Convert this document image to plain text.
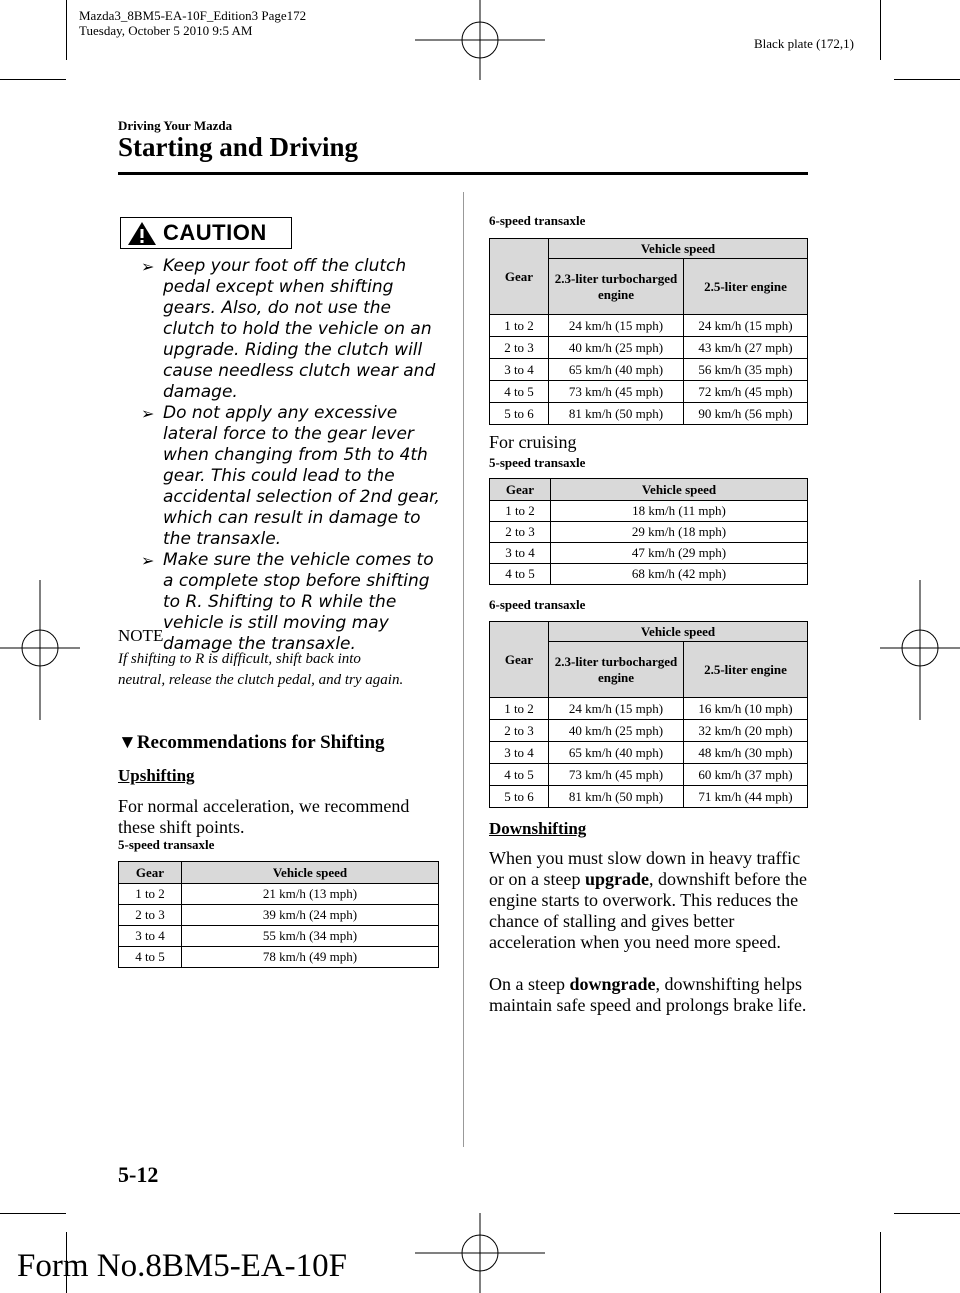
Mazda3_8BM5-EA-10F_Edition3 Page172
Tuesday, October 5 2010 9:5 AM
Black plate (172,1)
Driving Your Mazda
Starting and Driving
CAUTION
➢ Keep your foot off the clutch pedal except when shifting gears. Also, do not use the clutch to hold the vehicle on an upgrade. Riding the clutch will cause needless clutch wear and damage.
➢ Do not apply any excessive lateral force to the gear lever when changing from 5th to 4th gear. This could lead to the accidental selection of 2nd gear, which can result in damage to the transaxle.
➢ Make sure the vehicle comes to a complete stop before shifting to R. Shifting to R while the vehicle is still moving may damage the transaxle.
NOTE
If shifting to R is difficult, shift back into neutral, release the clutch pedal, and try again.
▼Recommendations for Shifting
Upshifting
For normal acceleration, we recommend these shift points.
5-speed transaxle
Gear	Vehicle speed
1 to 2	21 km/h (13 mph)
2 to 3	39 km/h (24 mph)
3 to 4	55 km/h (34 mph)
4 to 5	78 km/h (49 mph)
6-speed transaxle
Gear	Vehicle speed	
	2.3-liter turbocharged engine	2.5-liter engine
1 to 2	24 km/h (15 mph)	24 km/h (15 mph)
2 to 3	40 km/h (25 mph)	43 km/h (27 mph)
3 to 4	65 km/h (40 mph)	56 km/h (35 mph)
4 to 5	73 km/h (45 mph)	72 km/h (45 mph)
5 to 6	81 km/h (50 mph)	90 km/h (56 mph)
For cruising
5-speed transaxle
Gear	Vehicle speed
1 to 2	18 km/h (11 mph)
2 to 3	29 km/h (18 mph)
3 to 4	47 km/h (29 mph)
4 to 5	68 km/h (42 mph)
6-speed transaxle
Gear	Vehicle speed	
	2.3-liter turbocharged engine	2.5-liter engine
1 to 2	24 km/h (15 mph)	16 km/h (10 mph)
2 to 3	40 km/h (25 mph)	32 km/h (20 mph)
3 to 4	65 km/h (40 mph)	48 km/h (30 mph)
4 to 5	73 km/h (45 mph)	60 km/h (37 mph)
5 to 6	81 km/h (50 mph)	71 km/h (44 mph)
Downshifting
When you must slow down in heavy traffic or on a steep upgrade, downshift before the engine starts to overwork. This reduces the chance of stalling and gives better acceleration when you need more speed.
On a steep downgrade, downshifting helps maintain safe speed and prolongs brake life.
5-12
Form No.8BM5-EA-10F
